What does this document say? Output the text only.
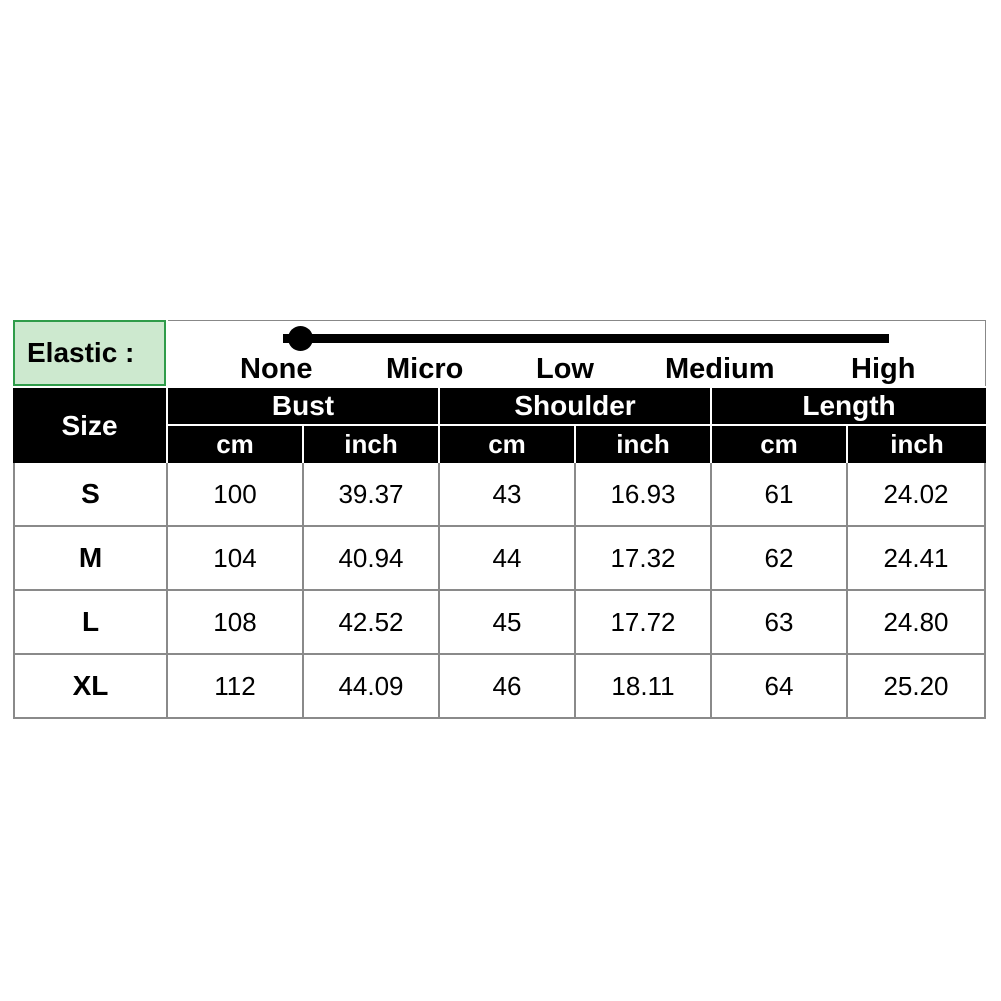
Elastic :
None	Micro	Low Medium	High
Size
Bust	Shoulder	Length
cm	inch	cm	inch	cm	inch
S	100	39.37	43	16.93	61	24.02
M	104	40.94	44	17.32	62	24.41
L	108	42.52	45	17.72	63	24.80
XL	112	44.09	46	18.11	64	25.20
